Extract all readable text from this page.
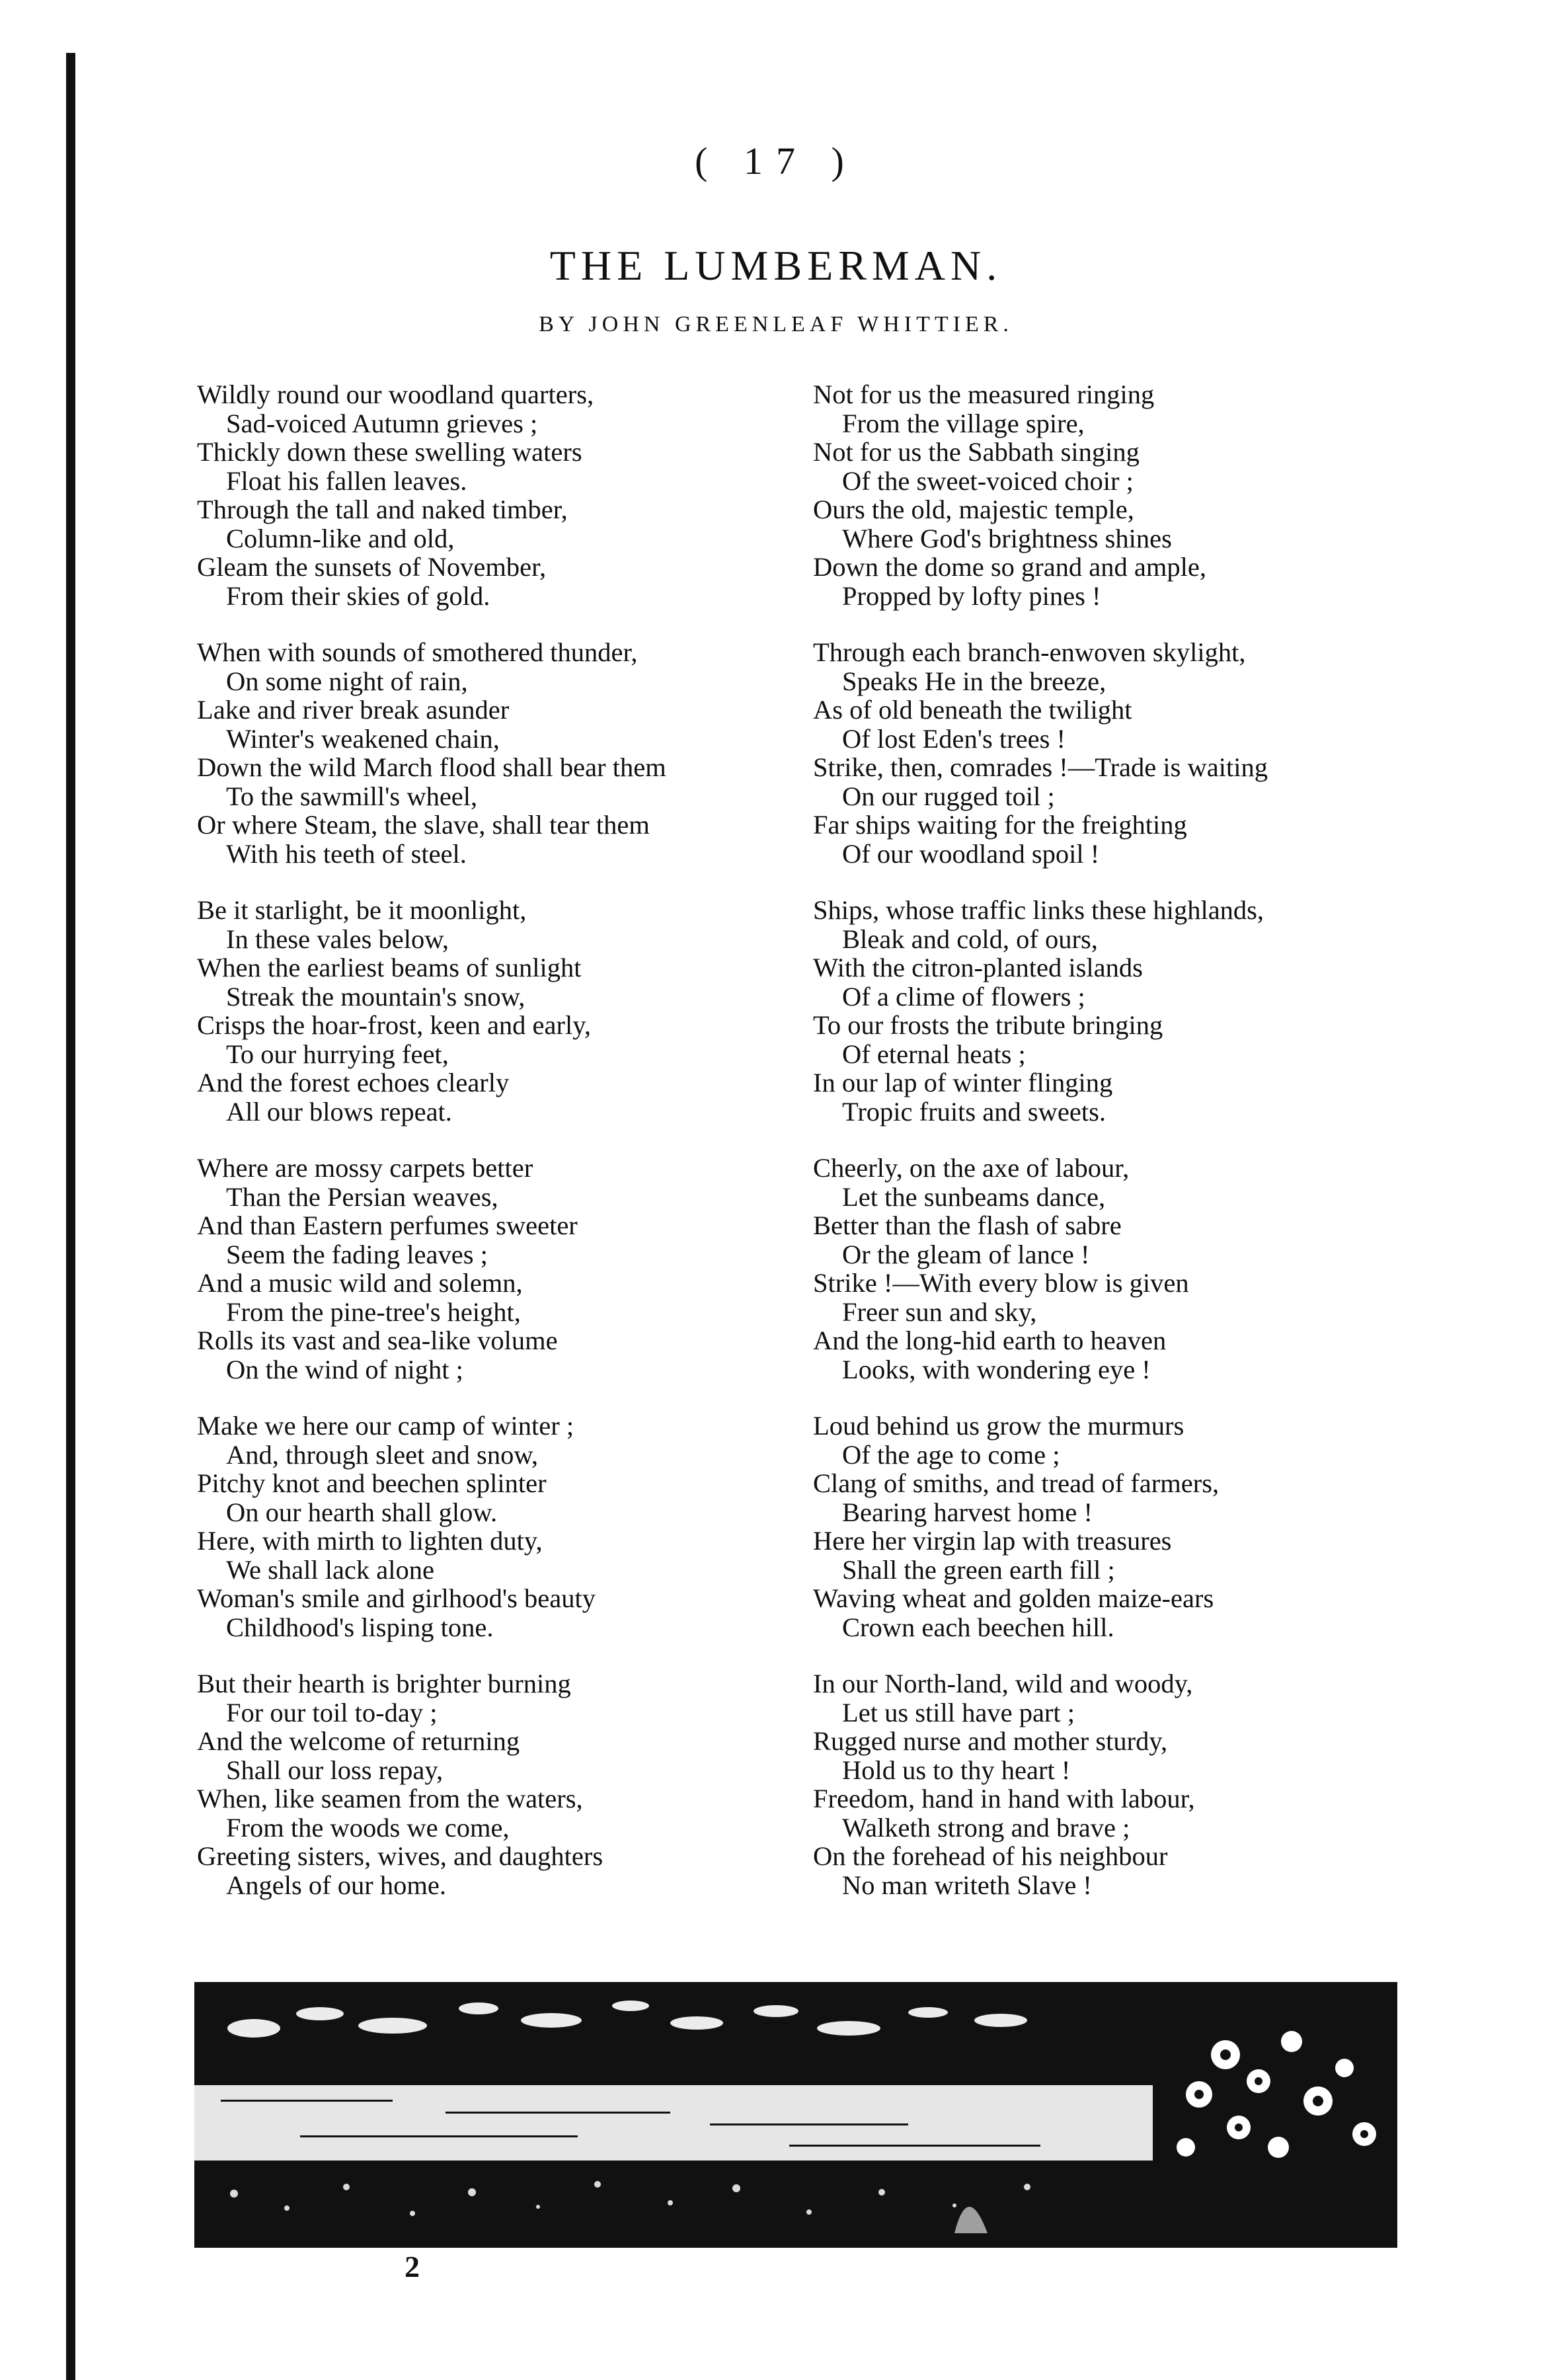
( 17 )
THE LUMBERMAN.
BY JOHN GREENLEAF WHITTIER.
Wildly round our woodland quarters,
Sad-voiced Autumn grieves ;
Thickly down these swelling waters
Float his fallen leaves.
Through the tall and naked timber,
Column-like and old,
Gleam the sunsets of November,
From their skies of gold.
When with sounds of smothered thunder,
On some night of rain,
Lake and river break asunder
Winter's weakened chain,
Down the wild March flood shall bear them
To the sawmill's wheel,
Or where Steam, the slave, shall tear them
With his teeth of steel.
Be it starlight, be it moonlight,
In these vales below,
When the earliest beams of sunlight
Streak the mountain's snow,
Crisps the hoar-frost, keen and early,
To our hurrying feet,
And the forest echoes clearly
All our blows repeat.
Where are mossy carpets better
Than the Persian weaves,
And than Eastern perfumes sweeter
Seem the fading leaves ;
And a music wild and solemn,
From the pine-tree's height,
Rolls its vast and sea-like volume
On the wind of night ;
Make we here our camp of winter ;
And, through sleet and snow,
Pitchy knot and beechen splinter
On our hearth shall glow.
Here, with mirth to lighten duty,
We shall lack alone
Woman's smile and girlhood's beauty
Childhood's lisping tone.
But their hearth is brighter burning
For our toil to-day ;
And the welcome of returning
Shall our loss repay,
When, like seamen from the waters,
From the woods we come,
Greeting sisters, wives, and daughters
Angels of our home.
Not for us the measured ringing
From the village spire,
Not for us the Sabbath singing
Of the sweet-voiced choir ;
Ours the old, majestic temple,
Where God's brightness shines
Down the dome so grand and ample,
Propped by lofty pines !
Through each branch-enwoven skylight,
Speaks He in the breeze,
As of old beneath the twilight
Of lost Eden's trees !
Strike, then, comrades !—Trade is waiting
On our rugged toil ;
Far ships waiting for the freighting
Of our woodland spoil !
Ships, whose traffic links these highlands,
Bleak and cold, of ours,
With the citron-planted islands
Of a clime of flowers ;
To our frosts the tribute bringing
Of eternal heats ;
In our lap of winter flinging
Tropic fruits and sweets.
Cheerly, on the axe of labour,
Let the sunbeams dance,
Better than the flash of sabre
Or the gleam of lance !
Strike !—With every blow is given
Freer sun and sky,
And the long-hid earth to heaven
Looks, with wondering eye !
Loud behind us grow the murmurs
Of the age to come ;
Clang of smiths, and tread of farmers,
Bearing harvest home !
Here her virgin lap with treasures
Shall the green earth fill ;
Waving wheat and golden maize-ears
Crown each beechen hill.
In our North-land, wild and woody,
Let us still have part ;
Rugged nurse and mother sturdy,
Hold us to thy heart !
Freedom, hand in hand with labour,
Walketh strong and brave ;
On the forehead of his neighbour
No man writeth Slave !
2
